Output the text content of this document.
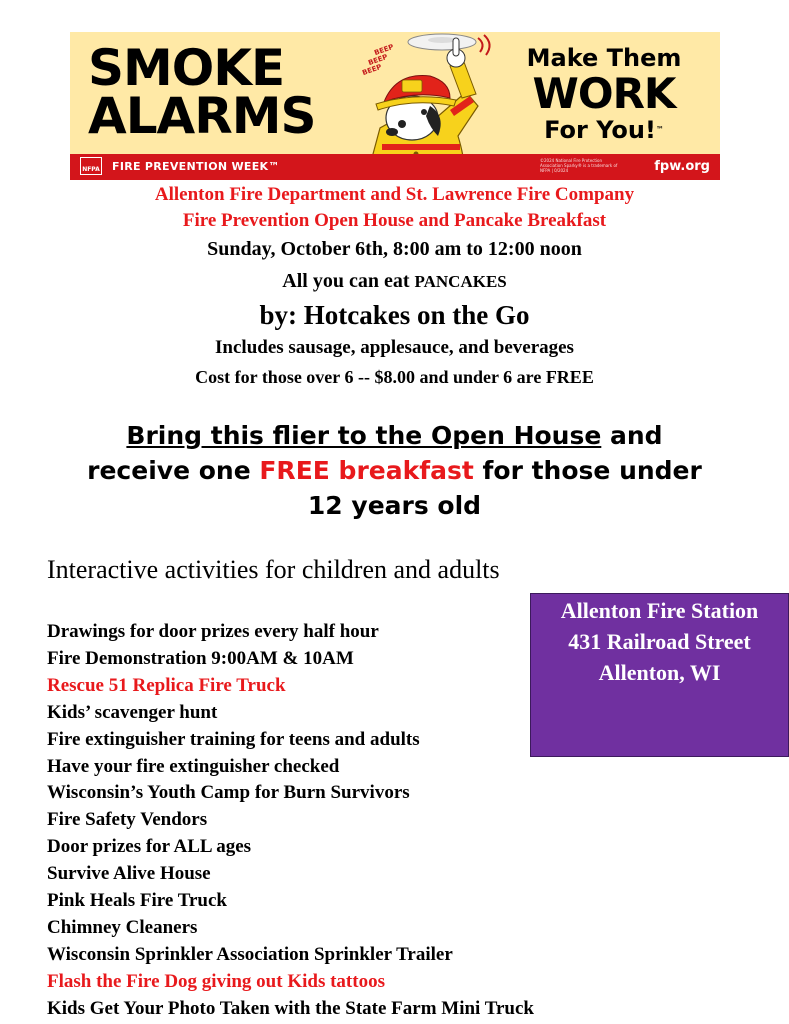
SMOKE
ALARMS
BEEP
BEEP
BEEP	Make Them
WORK
For You!™
NFPA FIRE PREVENTION WEEK™	©2024 National Fire Protection Association Sparky® is a trademark of NFPA | 0/2024	fpw.org
Allenton Fire Department and St. Lawrence Fire Company
Fire Prevention Open House and Pancake Breakfast
Sunday, October 6th, 8:00 am to 12:00 noon
All you can eat PANCAKES
by: Hotcakes on the Go
Includes sausage, applesauce, and beverages
Cost for those over 6 -- $8.00 and under 6 are FREE
Bring this flier to the Open House and
receive one FREE breakfast for those under
12 years old
Interactive activities for children and adults
Allenton Fire Station
431 Railroad Street
Allenton, WI
Drawings for door prizes every half hour
Fire Demonstration 9:00AM & 10AM
Rescue 51 Replica Fire Truck
Kids’ scavenger hunt
Fire extinguisher training for teens and adults
Have your fire extinguisher checked
Wisconsin’s Youth Camp for Burn Survivors
Fire Safety Vendors
Door prizes for ALL ages
Survive Alive House
Pink Heals Fire Truck
Chimney Cleaners
Wisconsin Sprinkler Association Sprinkler Trailer
Flash the Fire Dog giving out Kids tattoos
Kids Get Your Photo Taken with the State Farm Mini Truck
